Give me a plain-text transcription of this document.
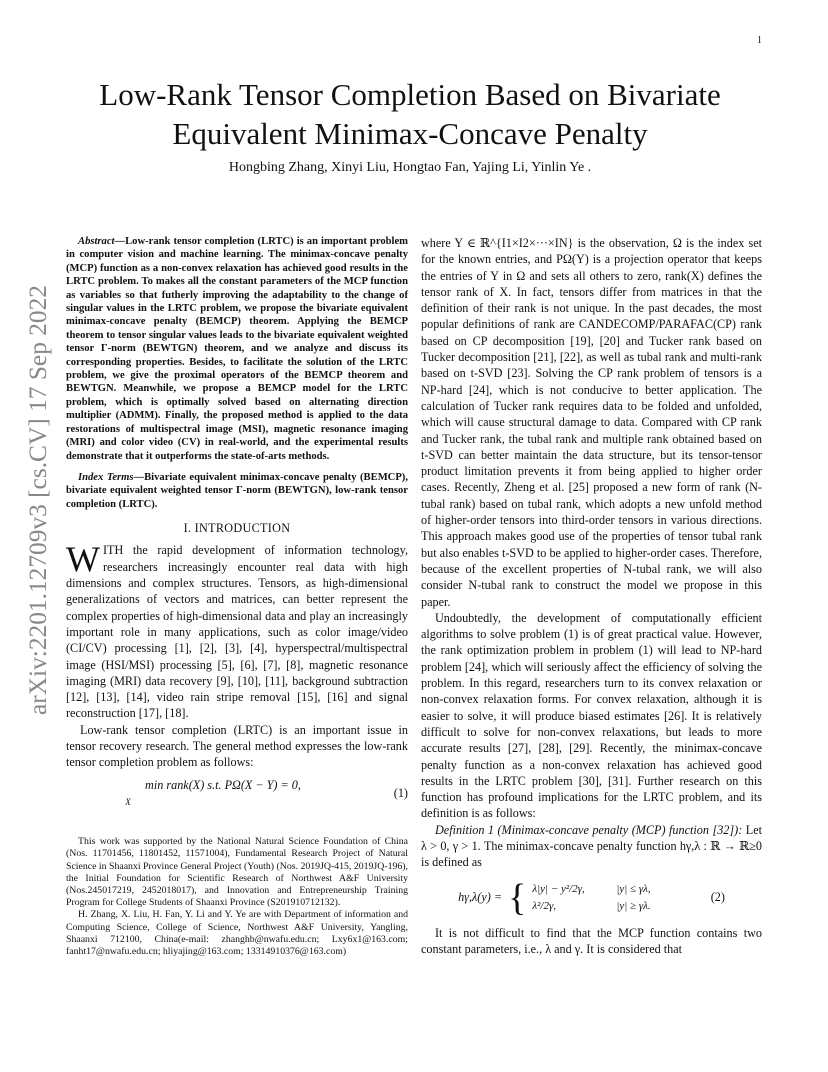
1
arXiv:2201.12709v3 [cs.CV] 17 Sep 2022
Low-Rank Tensor Completion Based on Bivariate
Equivalent Minimax-Concave Penalty
Hongbing Zhang, Xinyi Liu, Hongtao Fan, Yajing Li, Yinlin Ye .

Abstract—Low-rank tensor completion (LRTC) is an important problem in computer vision and machine learning. The minimax-concave penalty (MCP) function as a non-convex relaxation has achieved good results in the LRTC problem. To makes all the constant parameters of the MCP function as variables so that futherly improving the adaptability to the change of singular values in the LRTC problem, we propose the bivariate equivalent minimax-concave penalty (BEMCP) theorem. Applying the BEMCP theorem to tensor singular values leads to the bivariate equivalent weighted tensor Γ-norm (BEWTGN) theorem, and we analyze and discuss its corresponding properties. Besides, to facilitate the solution of the LRTC problem, we give the proximal operators of the BEMCP theorem and BEWTGN. Meanwhile, we propose a BEMCP model for the LRTC problem, which is optimally solved based on alternating direction multiplier (ADMM). Finally, the proposed method is applied to the data restorations of multispectral image (MSI), magnetic resonance imaging (MRI) and color video (CV) in real-world, and the experimental results demonstrate that it outperforms the state-of-arts methods.

Index Terms—Bivariate equivalent minimax-concave penalty (BEMCP), bivariate equivalent weighted tensor Γ-norm (BEWTGN), low-rank tensor completion (LRTC).

I. INTRODUCTION

WITH the rapid development of information technology, researchers increasingly encounter real data with high dimensions and complex structures. Tensors, as high-dimensional generalizations of vectors and matrices, can better represent the complex properties of high-dimensional data and play an increasingly important role in many applications, such as color image/video (CI/CV) processing [1], [2], [3], [4], hyperspectral/multispectral image (HSI/MSI) processing [5], [6], [7], [8], magnetic resonance imaging (MRI) data recovery [9], [10], [11], background subtraction [12], [13], [14], video rain stripe removal [15], [16] and signal reconstruction [17], [18].

Low-rank tensor completion (LRTC) is an important issue in tensor recovery research. The general method expresses the low-rank tensor completion problem as follows:

min rank(X) s.t. PΩ(X − Y) = 0,
X
(1)

This work was supported by the National Natural Science Foundation of China (Nos. 11701456, 11801452, 11571004), Fundamental Research Project of Natural Science in Shaanxi Province General Project (Youth) (Nos. 2019JQ-415, 2019JQ-196), the Initial Foundation for Scientific Research of Northwest A&F University (Nos.245017219, 2452018017), and Innovation and Entrepreneurship Training Program for College Students of Shaanxi Province (S201910712132).

H. Zhang, X. Liu, H. Fan, Y. Li and Y. Ye are with Department of information and Computing Science, College of Science, Northwest A&F University, Yangling, Shaanxi 712100, China(e-mail: zhanghb@nwafu.edu.cn; Lxy6x1@163.com; fanht17@nwafu.edu.cn; hliyajing@163.com; 13314910376@163.com)

where Y ∈ ℝ^{I1×I2×···×IN} is the observation, Ω is the index set for the known entries, and PΩ(Y) is a projection operator that keeps the entries of Y in Ω and sets all others to zero, rank(X) defines the tensor rank of X. In fact, tensors differ from matrices in that the definition of their rank is not unique. In the past decades, the most popular definitions of rank are CANDECOMP/PARAFAC(CP) rank based on CP decomposition [19], [20] and Tucker rank based on Tucker decomposition [21], [22], as well as tubal rank and multi-rank based on t-SVD [23]. Solving the CP rank problem of tensors is a NP-hard [24], which is not conducive to better application. The calculation of Tucker rank requires data to be folded and unfolded, which will cause structural damage to data. Compared with CP rank and Tucker rank, the tubal rank and multiple rank obtained based on t-SVD can better maintain the data structure, but its tensor-tensor product limitation prevents it from being applied to higher order cases. Recently, Zheng et al. [25] proposed a new form of rank (N-tubal rank) based on tubal rank, which adopts a new unfold method of higher-order tensors into third-order tensors in various directions. This approach makes good use of the properties of tensor tubal rank but also enables t-SVD to be applied to higher-order cases. Therefore, because of the excellent properties of N-tubal rank, we will also consider N-tubal rank to construct the model we propose in this paper.

Undoubtedly, the development of computationally efficient algorithms to solve problem (1) is of great practical value. However, the rank optimization problem in problem (1) will lead to NP-hard problem [24], which will seriously affect the efficiency of solving the problem. In this regard, researchers turn to its convex relaxation or non-convex relaxation forms. For convex relaxation, although it is easier to solve, it will produce biased estimates [26]. It is relatively difficult to solve for non-convex relaxations, but leads to more accurate results [27], [28], [29]. Recently, the minimax-concave penalty function as a non-convex relaxation has achieved good results in the LRTC problem [30], [31]. Further research on this function has profound implications for the LRTC problem, and its definition is as follows:

Definition 1 (Minimax-concave penalty (MCP) function [32]): Let λ > 0, γ > 1. The minimax-concave penalty function hγ,λ : ℝ → ℝ≥0 is defined as

hγ,λ(y) = { λ|y| − y²/2γ,	|y| ≤ γλ,
λ²/2γ,	|y| ≥ γλ.
(2)

It is not difficult to find that the MCP function contains two constant parameters, i.e., λ and γ. It is considered that
